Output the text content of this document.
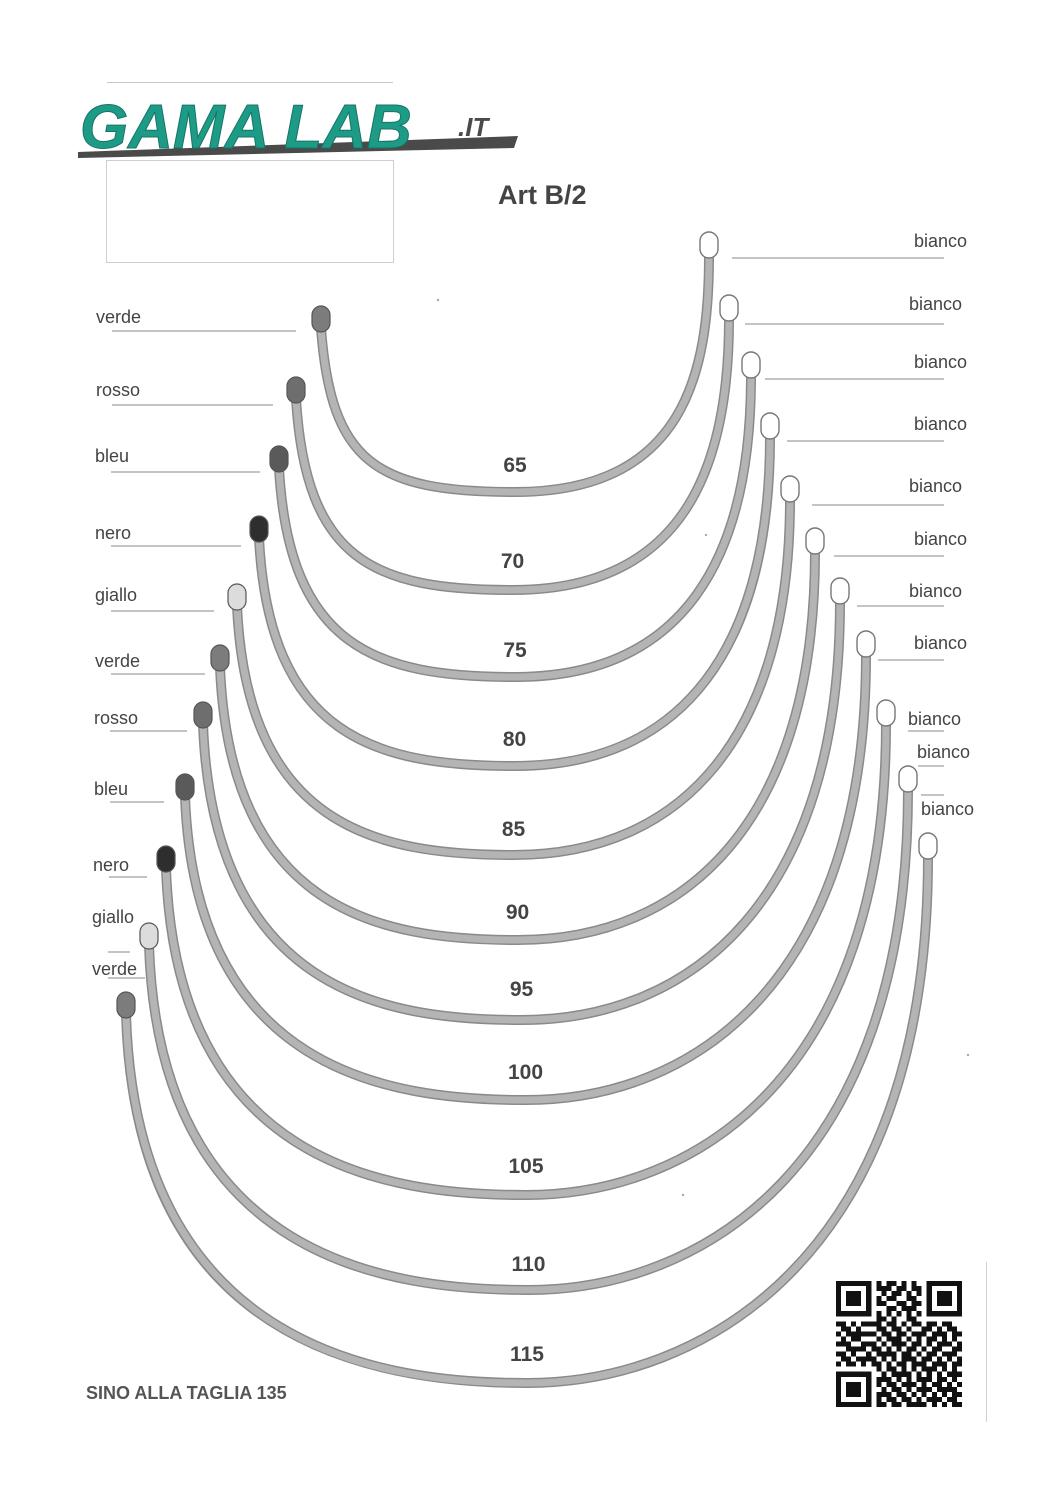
GAMA LAB .IT
Art B/2
65
verde
bianco
70
rosso
bianco
75
bleu
bianco
80
nero
bianco
85
giallo
bianco
90
verde
bianco
95
rosso
bianco
100
bleu
bianco
105
nero
bianco
110
giallo
bianco
115
verde
bianco
SINO ALLA TAGLIA 135
